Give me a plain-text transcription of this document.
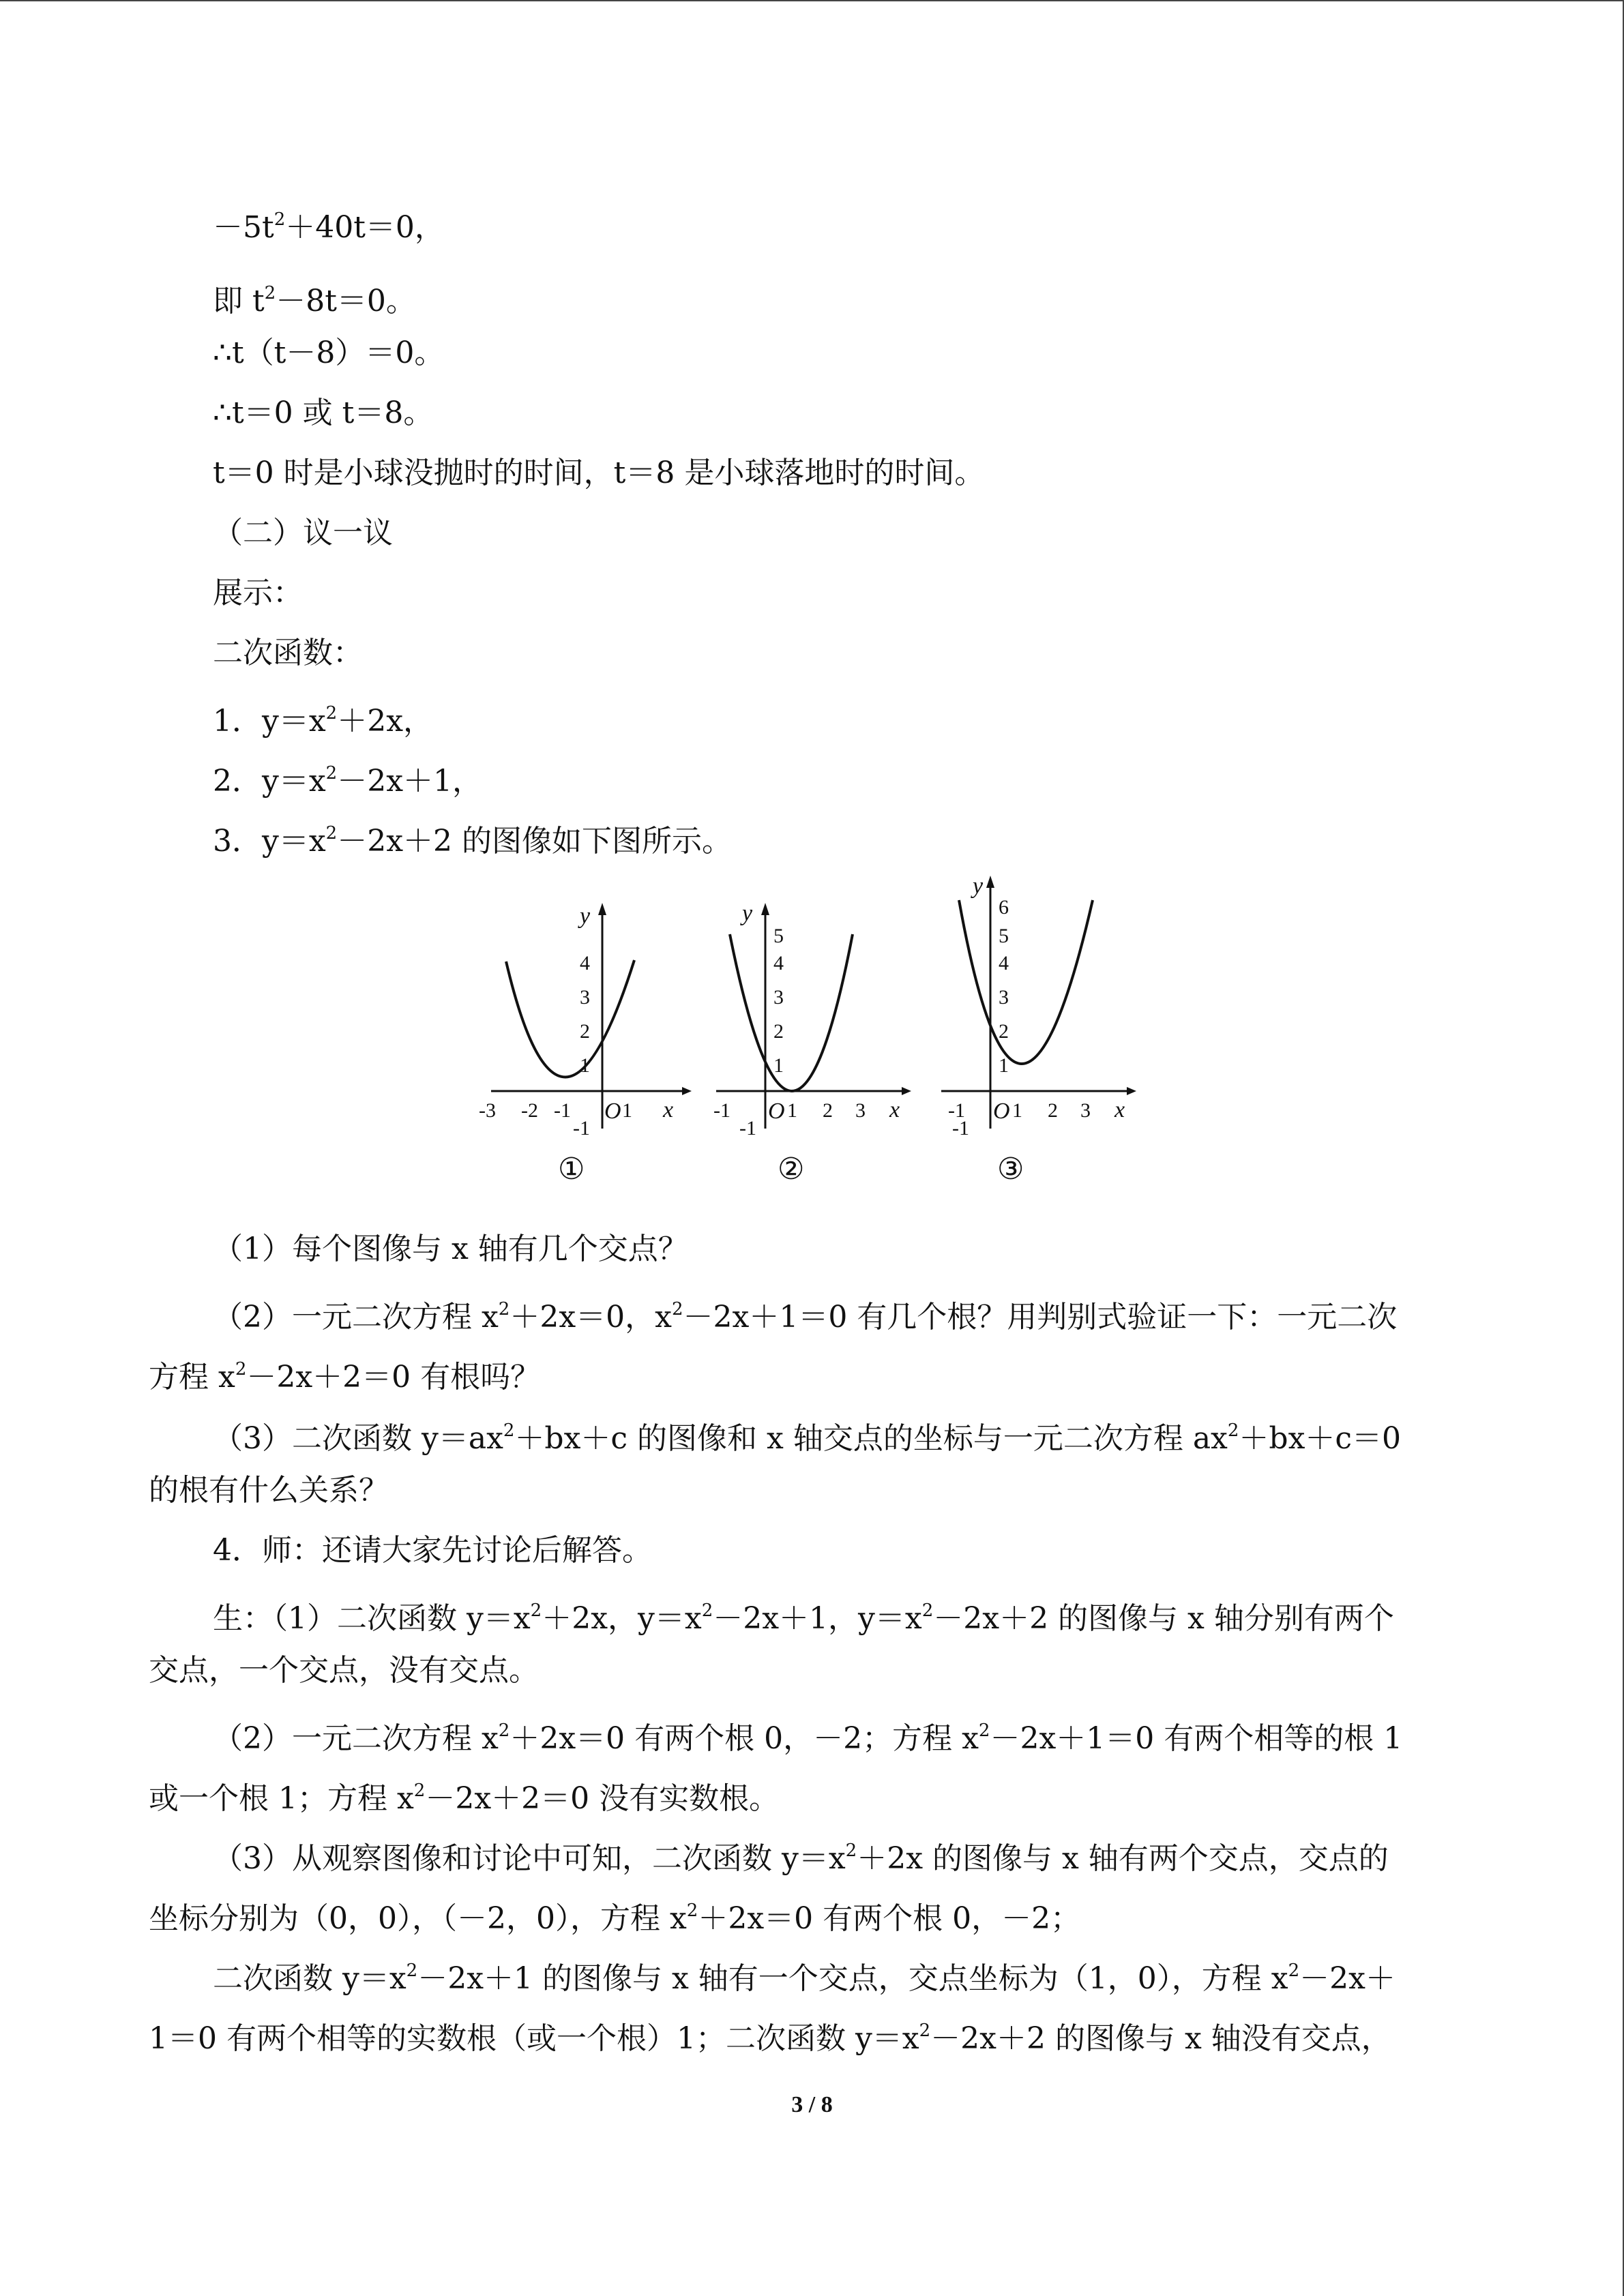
$-5t^2+40t=0$，
即 $t^2-8t=0$。
∴t（t－8）＝0。
∴t＝0 或 t＝8。
t＝0 时是小球没抛时的时间，t＝8 是小球落地时的时间。
（二）议一议
展示：
二次函数：
1．$y=x^2+2x$，
2．$y=x^2-2x+1$，
3．$y=x^2-2x+2$ 的图像如下图所示。
y
x
O
4
3
2
1
-1
-3 -2 -1	1
①
y
x
O
5
4
3
2
1
-1
-1	1 2 3
②
y
x
O
6
5
4
3
2
1
-1
-1 1 2 3
③
（1）每个图像与 x 轴有几个交点？
（2）一元二次方程 $x^2+2x=0$，$x^2-2x+1=0$ 有几个根？用判别式验证一下：一元二次
方程 $x^2-2x+2=0$ 有根吗？
（3）二次函数 $y=ax^2+bx+c$ 的图像和 x 轴交点的坐标与一元二次方程 $ax^2+bx+c=0$
的根有什么关系？
4．师：还请大家先讨论后解答。
生：（1）二次函数 $y=x^2+2x$，$y=x^2-2x+1$，$y=x^2-2x+2$ 的图像与 x 轴分别有两个
交点，一个交点，没有交点。
（2）一元二次方程 $x^2+2x=0$ 有两个根 0，－2；方程 $x^2-2x+1=0$ 有两个相等的根 1
或一个根 1；方程 $x^2-2x+2=0$ 没有实数根。
（3）从观察图像和讨论中可知，二次函数 $y=x^2+2x$ 的图像与 x 轴有两个交点，交点的
坐标分别为（0，0），（－2，0），方程 $x^2+2x=0$ 有两个根 0，－2；
二次函数 $y=x^2-2x+1$ 的图像与 x 轴有一个交点，交点坐标为（1，0），方程 $x^2-2x+$
1＝0 有两个相等的实数根（或一个根）1；二次函数 $y=x^2-2x+2$ 的图像与 x 轴没有交点，
3 / 8
